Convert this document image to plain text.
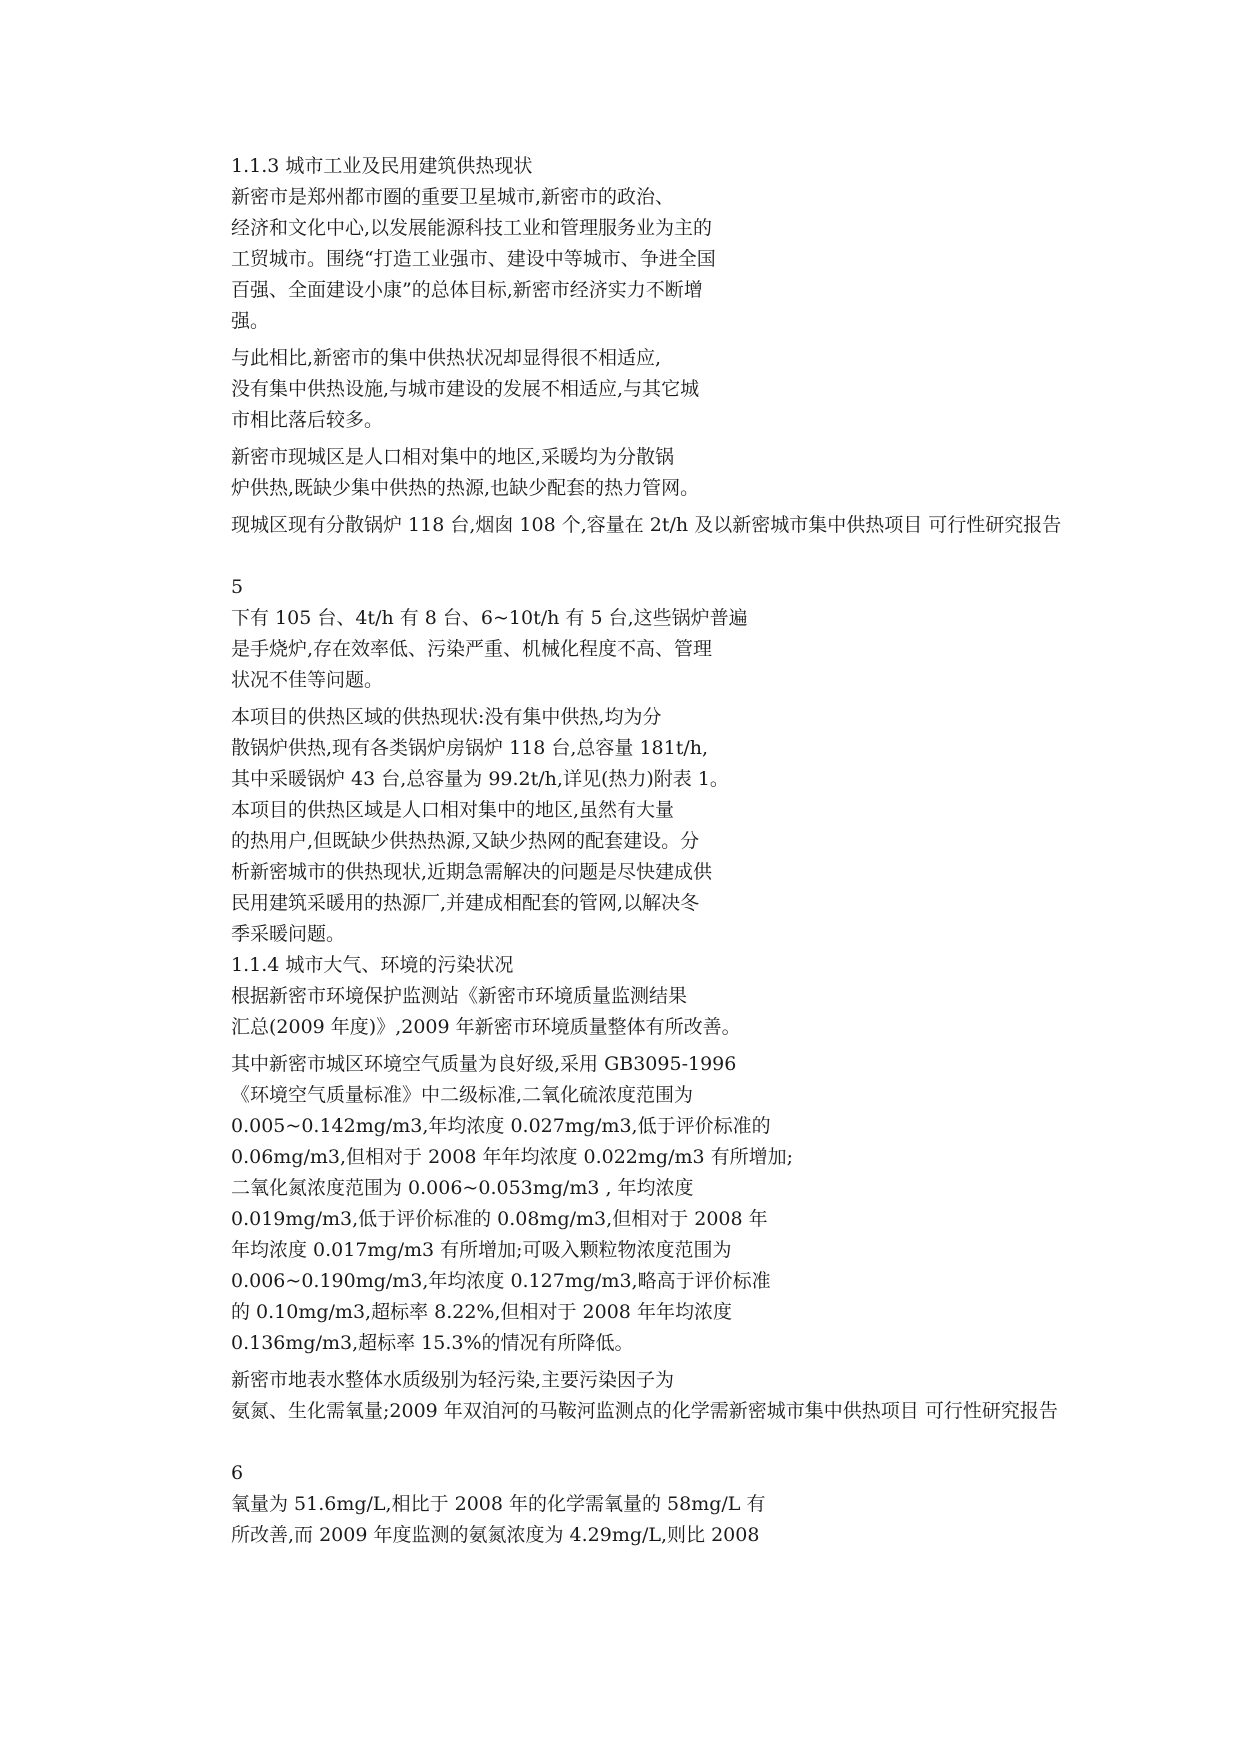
1.1.3 城市工业及民用建筑供热现状

新密市是郑州都市圈的重要卫星城市,新密市的政治、

经济和文化中心,以发展能源科技工业和管理服务业为主的

工贸城市。围绕“打造工业强市、建设中等城市、争进全国

百强、全面建设小康”的总体目标,新密市经济实力不断增

强。

与此相比,新密市的集中供热状况却显得很不相适应,

没有集中供热设施,与城市建设的发展不相适应,与其它城

市相比落后较多。

新密市现城区是人口相对集中的地区,采暖均为分散锅

炉供热,既缺少集中供热的热源,也缺少配套的热力管网。

现城区现有分散锅炉 118 台,烟囱 108 个,容量在 2t/h 及以新密城市集中供热项目 可行性研究报告

5

下有 105 台、4t/h 有 8 台、6~10t/h 有 5 台,这些锅炉普遍

是手烧炉,存在效率低、污染严重、机械化程度不高、管理

状况不佳等问题。

本项目的供热区域的供热现状:没有集中供热,均为分

散锅炉供热,现有各类锅炉房锅炉 118 台,总容量 181t/h,

其中采暖锅炉 43 台,总容量为 99.2t/h,详见(热力)附表 1。

本项目的供热区域是人口相对集中的地区,虽然有大量

的热用户,但既缺少供热热源,又缺少热网的配套建设。分

析新密城市的供热现状,近期急需解决的问题是尽快建成供

民用建筑采暖用的热源厂,并建成相配套的管网,以解决冬

季采暖问题。

1.1.4 城市大气、环境的污染状况

根据新密市环境保护监测站《新密市环境质量监测结果

汇总(2009 年度)》,2009 年新密市环境质量整体有所改善。

其中新密市城区环境空气质量为良好级,采用 GB3095-1996

《环境空气质量标准》中二级标准,二氧化硫浓度范围为

0.005~0.142mg/m3,年均浓度 0.027mg/m3,低于评价标准的

0.06mg/m3,但相对于 2008 年年均浓度 0.022mg/m3 有所增加;

二氧化氮浓度范围为 0.006~0.053mg/m3 , 年均浓度

0.019mg/m3,低于评价标准的 0.08mg/m3,但相对于 2008 年

年均浓度 0.017mg/m3 有所增加;可吸入颗粒物浓度范围为

0.006~0.190mg/m3,年均浓度 0.127mg/m3,略高于评价标准

的 0.10mg/m3,超标率 8.22%,但相对于 2008 年年均浓度

0.136mg/m3,超标率 15.3%的情况有所降低。

新密市地表水整体水质级别为轻污染,主要污染因子为

氨氮、生化需氧量;2009 年双洎河的马鞍河监测点的化学需新密城市集中供热项目 可行性研究报告

6

氧量为 51.6mg/L,相比于 2008 年的化学需氧量的 58mg/L 有

所改善,而 2009 年度监测的氨氮浓度为 4.29mg/L,则比 2008
